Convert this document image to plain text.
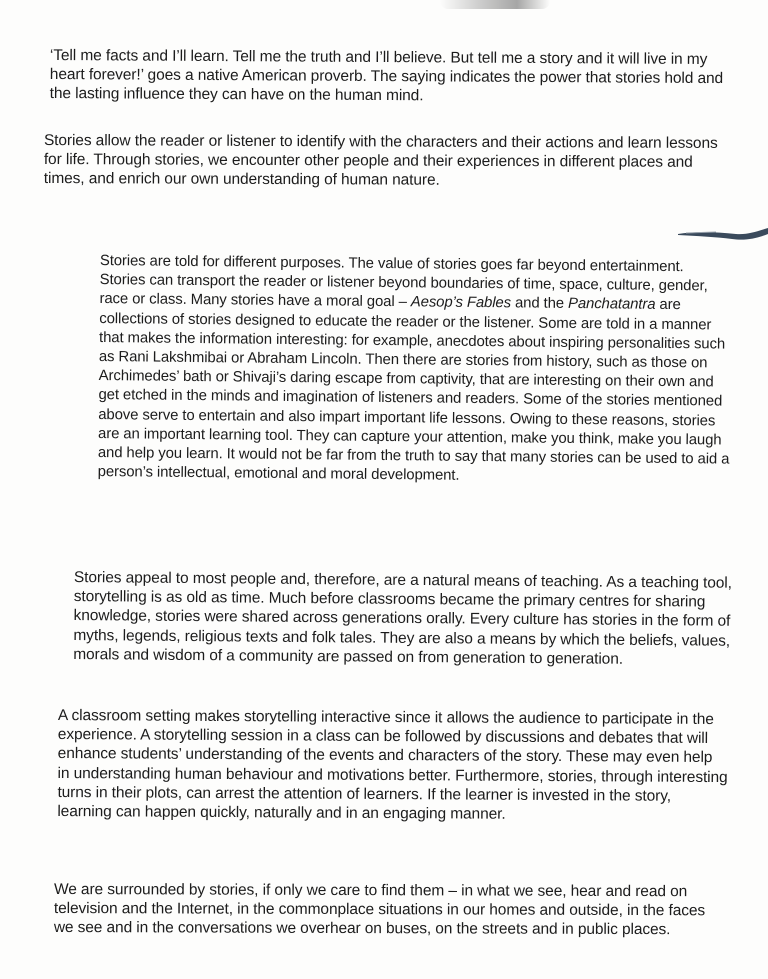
‘Tell me facts and I’ll learn. Tell me the truth and I’ll believe. But tell me a story and it will live in my heart forever!’ goes a native American proverb. The saying indicates the power that stories hold and the lasting influence they can have on the human mind.

Stories allow the reader or listener to identify with the characters and their actions and learn lessons for life. Through stories, we encounter other people and their experiences in different places and times, and enrich our own understanding of human nature.

Stories are told for different purposes. The value of stories goes far beyond entertainment. Stories can transport the reader or listener beyond boundaries of time, space, culture, gender, race or class. Many stories have a moral goal – Aesop’s Fables and the Panchatantra are collections of stories designed to educate the reader or the listener. Some are told in a manner that makes the information interesting: for example, anecdotes about inspiring personalities such as Rani Lakshmibai or Abraham Lincoln. Then there are stories from history, such as those on Archimedes’ bath or Shivaji’s daring escape from captivity, that are interesting on their own and get etched in the minds and imagination of listeners and readers. Some of the stories mentioned above serve to entertain and also impart important life lessons. Owing to these reasons, stories are an important learning tool. They can capture your attention, make you think, make you laugh and help you learn. It would not be far from the truth to say that many stories can be used to aid a person’s intellectual, emotional and moral development.

Stories appeal to most people and, therefore, are a natural means of teaching. As a teaching tool, storytelling is as old as time. Much before classrooms became the primary centres for sharing knowledge, stories were shared across generations orally. Every culture has stories in the form of myths, legends, religious texts and folk tales. They are also a means by which the beliefs, values, morals and wisdom of a community are passed on from generation to generation.

A classroom setting makes storytelling interactive since it allows the audience to participate in the experience. A storytelling session in a class can be followed by discussions and debates that will enhance students’ understanding of the events and characters of the story. These may even help in understanding human behaviour and motivations better. Furthermore, stories, through interesting turns in their plots, can arrest the attention of learners. If the learner is invested in the story, learning can happen quickly, naturally and in an engaging manner.

We are surrounded by stories, if only we care to find them – in what we see, hear and read on television and the Internet, in the commonplace situations in our homes and outside, in the faces we see and in the conversations we overhear on buses, on the streets and in public places.
